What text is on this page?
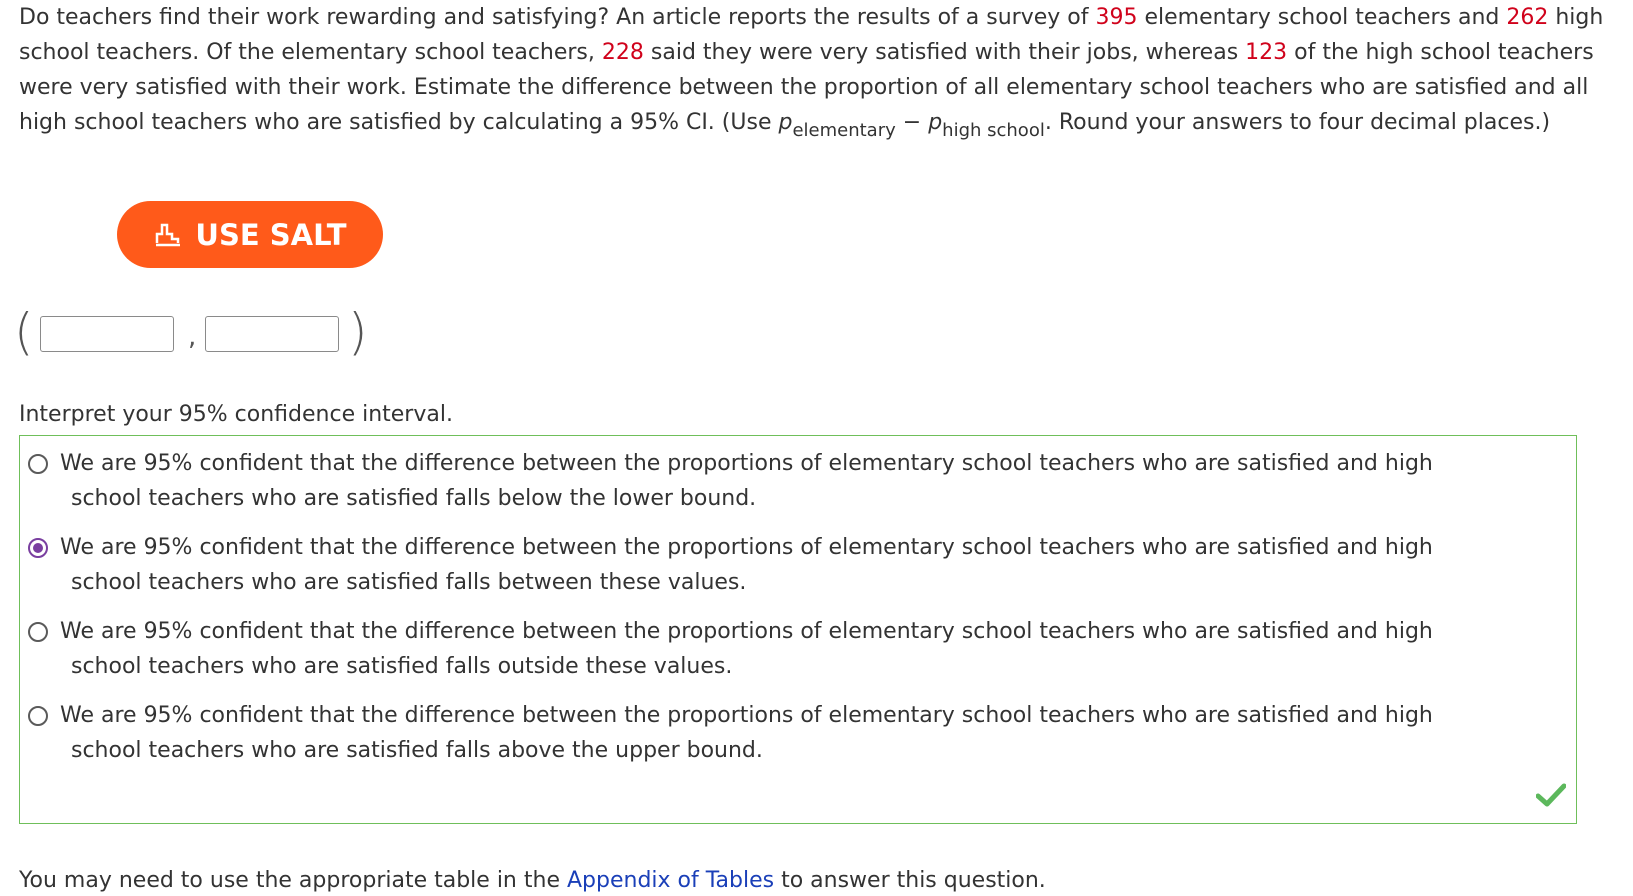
Do teachers find their work rewarding and satisfying? An article reports the results of a survey of 395 elementary school teachers and 262 high school teachers. Of the elementary school teachers, 228 said they were very satisfied with their jobs, whereas 123 of the high school teachers were very satisfied with their work. Estimate the difference between the proportion of all elementary school teachers who are satisfied and all high school teachers who are satisfied by calculating a 95% CI. (Use $p_{elementary} - p_{high school}$. Round your answers to four decimal places.)
USE SALT
(	,	)
Interpret your 95% confidence interval.
We are 95% confident that the difference between the proportions of elementary school teachers who are satisfied and high
school teachers who are satisfied falls below the lower bound.
We are 95% confident that the difference between the proportions of elementary school teachers who are satisfied and high
school teachers who are satisfied falls between these values.
We are 95% confident that the difference between the proportions of elementary school teachers who are satisfied and high
school teachers who are satisfied falls outside these values.
We are 95% confident that the difference between the proportions of elementary school teachers who are satisfied and high
school teachers who are satisfied falls above the upper bound.
You may need to use the appropriate table in the Appendix of Tables to answer this question.
